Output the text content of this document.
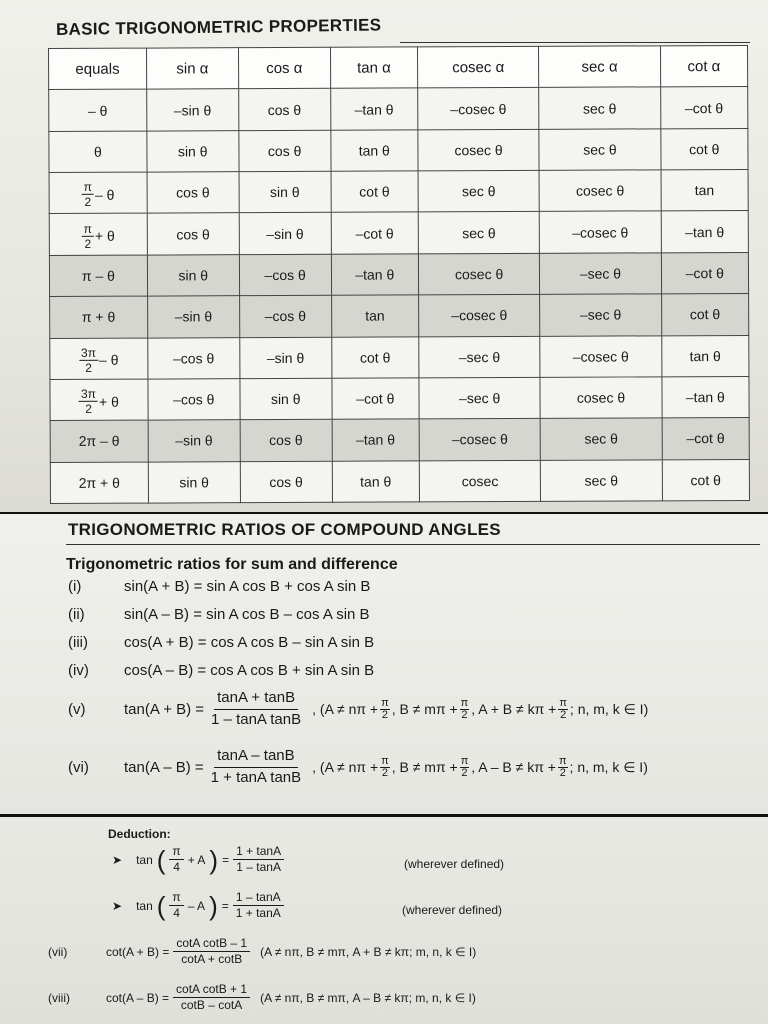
BASIC TRIGONOMETRIC PROPERTIES
equals	sin α	cos α	tan α	cosec α	sec α	cot α
– θ	–sin θ	cos θ	–tan θ	–cosec θ	sec θ	–cot θ
θ	sin θ	cos θ	tan θ	cosec θ	sec θ	cot θ

$\frac{\pi}{2}$ – θ	cos θ	sin θ	cot θ	sec θ	cosec θ	tan

$\frac{\pi}{2} + \theta$	cos θ	–sin θ	–cot θ	sec θ	–cosec θ	–tan θ
π – θ	sin θ	–cos θ	–tan θ	cosec θ	–sec θ	–cot θ
π + θ	–sin θ	–cos θ	tan	–cosec θ	–sec θ	cot θ

$\frac{3\pi}{2}$ – θ	–cos θ	–sin θ	cot θ	–sec θ	–cosec θ	tan θ

$\frac{3\pi}{2} + \theta$	–cos θ	sin θ	–cot θ	–sec θ	cosec θ	–tan θ
2π – θ	–sin θ	cos θ	–tan θ	–cosec θ	sec θ	–cot θ
2π + θ	sin θ	cos θ	tan θ	cosec	sec θ	cot θ
TRIGONOMETRIC RATIOS OF COMPOUND ANGLES
Trigonometric ratios for sum and difference
(i)	sin(A + B) = sin A cos B + cos A sin B
(ii)	sin(A – B) = sin A cos B – cos A sin B
(iii)	cos(A + B) = cos A cos B – sin A sin B
(iv)	cos(A – B) = cos A cos B + sin A sin B
(v)	$\tan(A + B) = \frac{\tan A + \tan B}{\text{1 – tanA tanB}}$ , ($A \ne n\pi + \frac{\pi}{2}$ , $B \ne m\pi + \frac{\pi}{2}$ , $A + B \ne k\pi + \frac{\pi}{2}$ ; n, m, k ∈ I)
(vi)	$\tan(A - B) = \frac{\tan A - \tan B}{\text{1 + tanA tanB}}$ , ($A \ne n\pi + \frac{\pi}{2}$ , $B \ne m\pi + \frac{\pi}{2}$ , $A - B \ne k\pi + \frac{\pi}{2}$ ; n, m, k ∈ I)
Deduction:
➤ tan ( π
4
+ A ) = $\frac{1 + \tan A}{1 - \tan A}$	(wherever defined)
➤ tan ( π
4
– A ) = $\frac{1 - \tan A}{1 + \tan A}$	(wherever defined)
(vii)	$\cot(A + B) = \frac{\text{cotA cotB – 1}}{\cot A + \cot B} (A \ne n\pi$, B ≠ mπ, A + B ≠ kπ; m, n, k ∈ I)
(viii)	$\cot(A - B) = \frac{\text{cotA cotB + 1}}{\cot B - \cot A} (A \ne n\pi$, B ≠ mπ, A – B ≠ kπ; m, n, k ∈ I)
